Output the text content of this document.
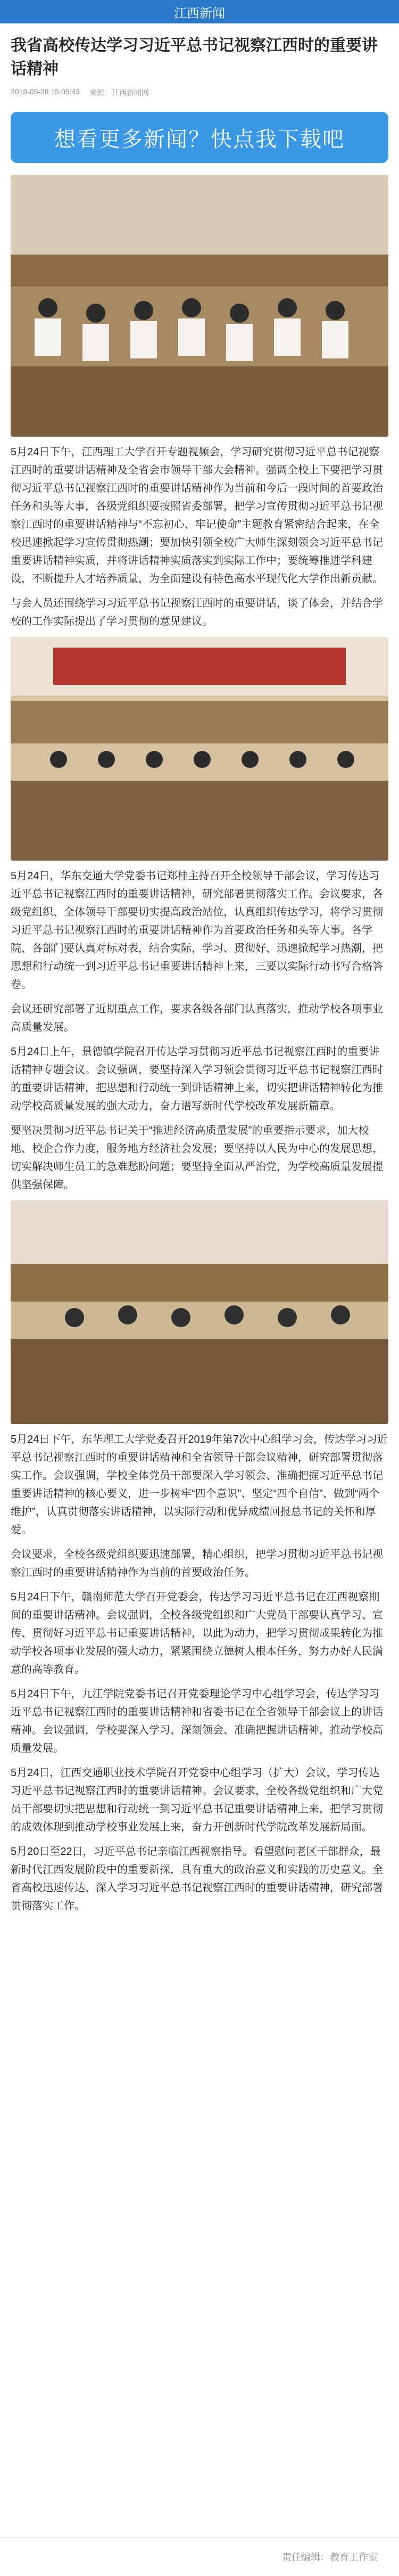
江西新闻
我省高校传达学习习近平总书记视察江西时的重要讲话精神
2019-05-28 15:05:43 来源：江西新闻网
想看更多新闻？快点我下载吧

5月24日下午，江西理工大学召开专题视频会，学习研究贯彻习近平总书记视察江西时的重要讲话精神及全省会市领导干部大会精神。强调全校上下要把学习贯彻习近平总书记视察江西时的重要讲话精神作为当前和今后一段时间的首要政治任务和头等大事，各级党组织要按照省委部署，把学习宣传贯彻习近平总书记视察江西时的重要讲话精神与“不忘初心、牢记使命”主题教育紧密结合起来，在全校迅速掀起学习宣传贯彻热潮；要加快引领全校广大师生深刻领会习近平总书记重要讲话精神实质，并将讲话精神实质落实到实际工作中；要统筹推进学科建设，不断提升人才培养质量，为全面建设有特色高水平现代化大学作出新贡献。

与会人员还围绕学习习近平总书记视察江西时的重要讲话，谈了体会，并结合学校的工作实际提出了学习贯彻的意见建议。

5月24日，华东交通大学党委书记郑桂主持召开全校领导干部会议，学习传达习近平总书记视察江西时的重要讲话精神，研究部署贯彻落实工作。会议要求，各级党组织、全体领导干部要切实提高政治站位，认真组织传达学习，将学习贯彻习近平总书记视察江西时的重要讲话精神作为首要政治任务和头等大事。各学院、各部门要认真对标对表，结合实际，学习、贯彻好、迅速掀起学习热潮，把思想和行动统一到习近平总书记重要讲话精神上来，三要以实际行动书写合格答卷。

会议还研究部署了近期重点工作，要求各级各部门认真落实，推动学校各项事业高质量发展。

5月24日上午，景德镇学院召开传达学习贯彻习近平总书记视察江西时的重要讲话精神专题会议。会议强调，要坚持深入学习领会贯彻习近平总书记视察江西时的重要讲话精神，把思想和行动统一到讲话精神上来，切实把讲话精神转化为推动学校高质量发展的强大动力，奋力谱写新时代学校改革发展新篇章。

要坚决贯彻习近平总书记关于“推进经济高质量发展”的重要指示要求，加大校地、校企合作力度，服务地方经济社会发展；要坚持以人民为中心的发展思想，切实解决师生员工的急难愁盼问题；要坚持全面从严治党，为学校高质量发展提供坚强保障。

5月24日下午，东华理工大学党委召开2019年第7次中心组学习会，传达学习习近平总书记视察江西时的重要讲话精神和全省领导干部会议精神，研究部署贯彻落实工作。会议强调，学校全体党员干部要深入学习领会、准确把握习近平总书记重要讲话精神的核心要义，进一步树牢“四个意识”、坚定“四个自信”、做到“两个维护”，认真贯彻落实讲话精神，以实际行动和优异成绩回报总书记的关怀和厚爱。

会议要求，全校各级党组织要迅速部署，精心组织，把学习贯彻习近平总书记视察江西时的重要讲话精神作为当前的首要政治任务。

5月24日下午，赣南师范大学召开党委会，传达学习习近平总书记在江西视察期间的重要讲话精神。会议强调，全校各级党组织和广大党员干部要认真学习、宣传、贯彻好习近平总书记重要讲话精神，以此为动力，把学习贯彻成果转化为推动学校各项事业发展的强大动力，紧紧围绕立德树人根本任务，努力办好人民满意的高等教育。

5月24日下午，九江学院党委书记召开党委理论学习中心组学习会，传达学习习近平总书记视察江西时的重要讲话精神和省委书记在全省领导干部会议上的讲话精神。会议强调，学校要深入学习、深刻领会、准确把握讲话精神，推动学校高质量发展。

5月24日，江西交通职业技术学院召开党委中心组学习（扩大）会议，学习传达习近平总书记视察江西时的重要讲话精神。会议要求，全校各级党组织和广大党员干部要切实把思想和行动统一到习近平总书记重要讲话精神上来，把学习贯彻的成效体现到推动学校事业发展上来，奋力开创新时代学院改革发展新局面。

5月20日至22日，习近平总书记亲临江西视察指导。看望慰问老区干部群众，最新时代江西发展阶段中的重要新探，具有重大的政治意义和实践的历史意义。全省高校迅速传达、深入学习习近平总书记视察江西时的重要讲话精神，研究部署贯彻落实工作。

责任编辑：教育工作室
